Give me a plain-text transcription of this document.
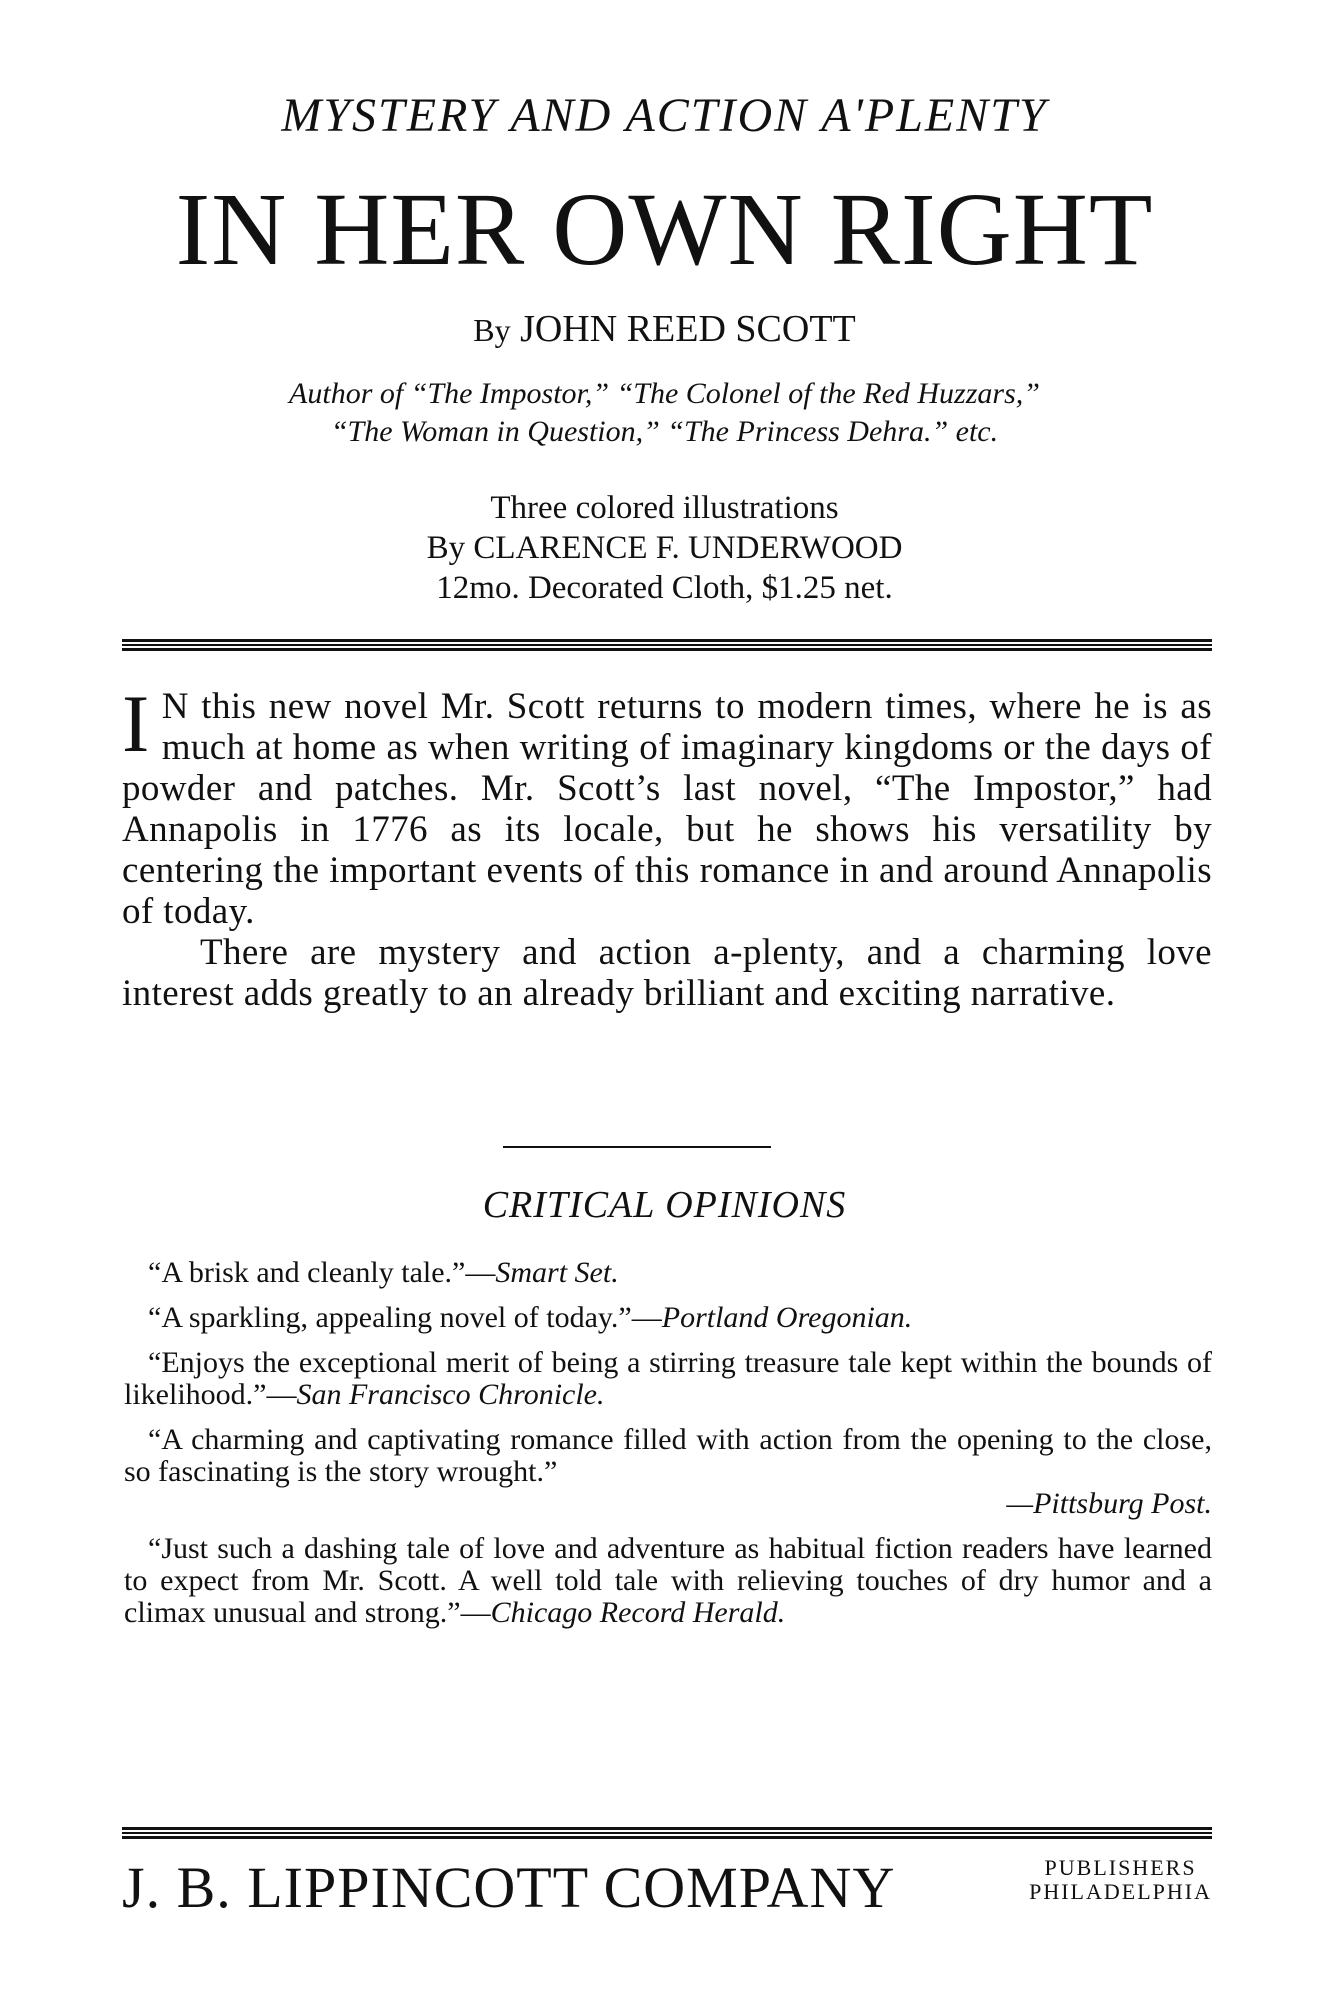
MYSTERY AND ACTION A'PLENTY
IN HER OWN RIGHT
By JOHN REED SCOTT
Author of “The Impostor,” “The Colonel of the Red Huzzars,”
“The Woman in Question,” “The Princess Dehra.” etc.
Three colored illustrations
By CLARENCE F. UNDERWOOD
12mo. Decorated Cloth, $1.25 net.

I N this new novel Mr. Scott returns to modern times, where he is as much at home as when writing of imaginary kingdoms or the days of powder and patches. Mr. Scott’s last novel, “The Impostor,” had Annapolis in 1776 as its locale, but he shows his versatility by centering the important events of this romance in and around Annapolis of today.

There are mystery and action a-plenty, and a charming love interest adds greatly to an already brilliant and exciting narrative.

CRITICAL OPINIONS

“A brisk and cleanly tale.”—Smart Set.

“A sparkling, appealing novel of today.”—Portland Oregonian.

“Enjoys the exceptional merit of being a stirring treasure tale kept within the bounds of likelihood.”—San Francisco Chronicle.

“A charming and captivating romance filled with action from the opening to the close, so fascinating is the story wrought.”
—Pittsburg Post.

“Just such a dashing tale of love and adventure as habitual fiction readers have learned to expect from Mr. Scott. A well told tale with relieving touches of dry humor and a climax unusual and strong.”—Chicago Record Herald.

J. B. LIPPINCOTT COMPANY	PUBLISHERS
PHILADELPHIA
